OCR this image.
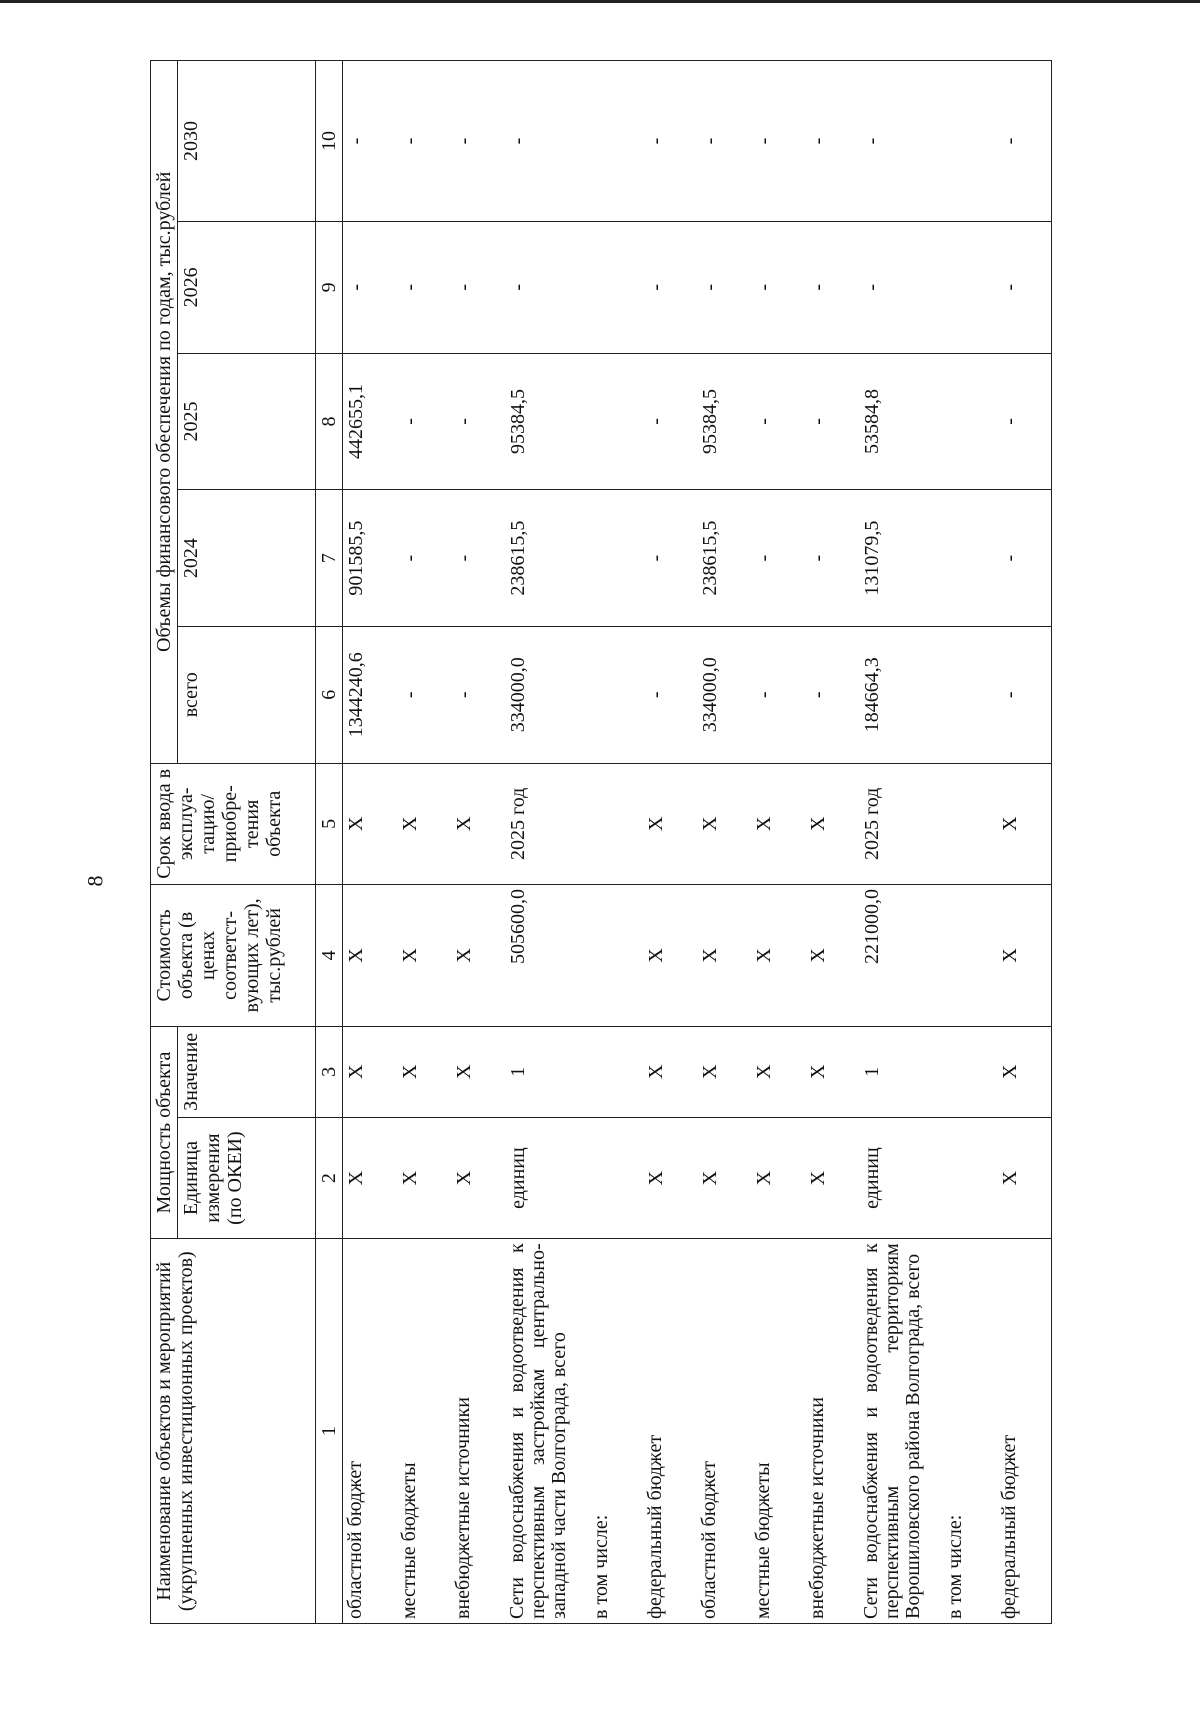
8
Наименование объектов и мероприятий (укрупненных инвестиционных проектов)	Мощность объекта		Стоимость объекта (в ценах соответст-вующих лет), тыс.рублей	Срок ввода в эксплуа-тацию/ приобре-тения объекта	Объемы финансового обеспечения по годам, тыс.рублей				
	Единица измерения (по ОКЕИ)	Значение			всего	2024	2025	2026	2030
1	2	3	4	5	6	7	8	9	10
областной бюджет	X	X	X	X	1344240,6	901585,5	442655,1	-	-
местные бюджеты	X	X	X	X	-	-	-	-	-
внебюджетные источники	X	X	X	X	-	-	-	-	-
Сети водоснабжения и водоотведения к перспективным застройкам центрально-западной части Волгограда, всего	единиц	1	505600,0	2025 год	334000,0	238615,5	95384,5	-	-
в том числе:									
федеральный бюджет	X	X	X	X	-	-	-	-	-
областной бюджет	X	X	X	X	334000,0	238615,5	95384,5	-	-
местные бюджеты	X	X	X	X	-	-	-	-	-
внебюджетные источники	X	X	X	X	-	-	-	-	-
Сети водоснабжения и водоотведения к перспективным территориям Ворошиловского района Волгограда, всего	единиц	1	221000,0	2025 год	184664,3	131079,5	53584,8	-	-
в том числе:									
федеральный бюджет	X	X	X	X	-	-	-	-	-
